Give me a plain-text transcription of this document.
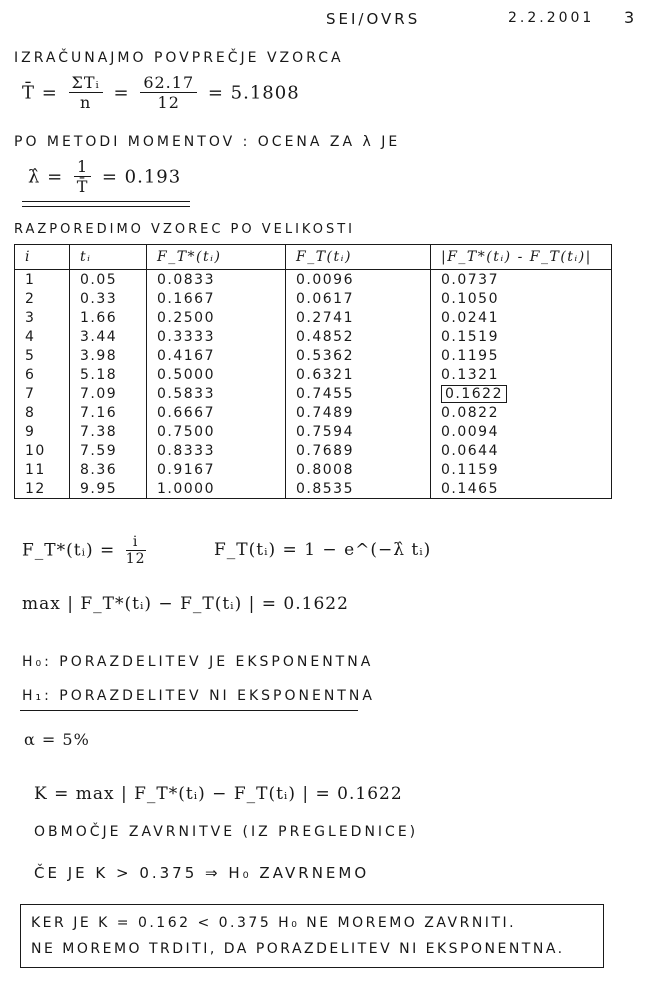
SEI/OVRS	2.2.2001 3
IZRAČUNAJMO POVPREČJE VZORCA
T̄ = $\frac{\text{ΣTᵢ}}{n} = \frac{62.17}{12} = 5.1808$
PO METODI MOMENTOV : OCENA ZA λ JE
λ̂ = $\frac{1}{T̄} = 0.193$
RAZPOREDIMO VZOREC PO VELIKOSTI
i	tᵢ	F_T*(tᵢ)	F_T(tᵢ)	|F_T*(tᵢ) - F_T(tᵢ)|
1	0.05	0.0833	0.0096	0.0737
2	0.33	0.1667	0.0617	0.1050
3	1.66	0.2500	0.2741	0.0241
4	3.44	0.3333	0.4852	0.1519
5	3.98	0.4167	0.5362	0.1195
6	5.18	0.5000	0.6321	0.1321
7	7.09	0.5833	0.7455	0.1622
8	7.16	0.6667	0.7489	0.0822
9	7.38	0.7500	0.7594	0.0094
10	7.59	0.8333	0.7689	0.0644
11	8.36	0.9167	0.8008	0.1159
12	9.95	1.0000	0.8535	0.1465
F_T*(tᵢ) = $\frac{i}{12}$	F_T(tᵢ) = 1 − e^(−λ̂ tᵢ)
max | F_T*(tᵢ) − F_T(tᵢ) | = 0.1622
H₀: PORAZDELITEV JE EKSPONENTNA
H₁: PORAZDELITEV NI EKSPONENTNA
α = 5%
K = max | F_T*(tᵢ) − F_T(tᵢ) | = 0.1622
OBMOČJE ZAVRNITVE (IZ PREGLEDNICE)
ČE JE K > 0.375 ⇒ H₀ ZAVRNEMO
KER JE K = 0.162 < 0.375 H₀ NE MOREMO ZAVRNITI.
NE MOREMO TRDITI, DA PORAZDELITEV NI EKSPONENTNA.
